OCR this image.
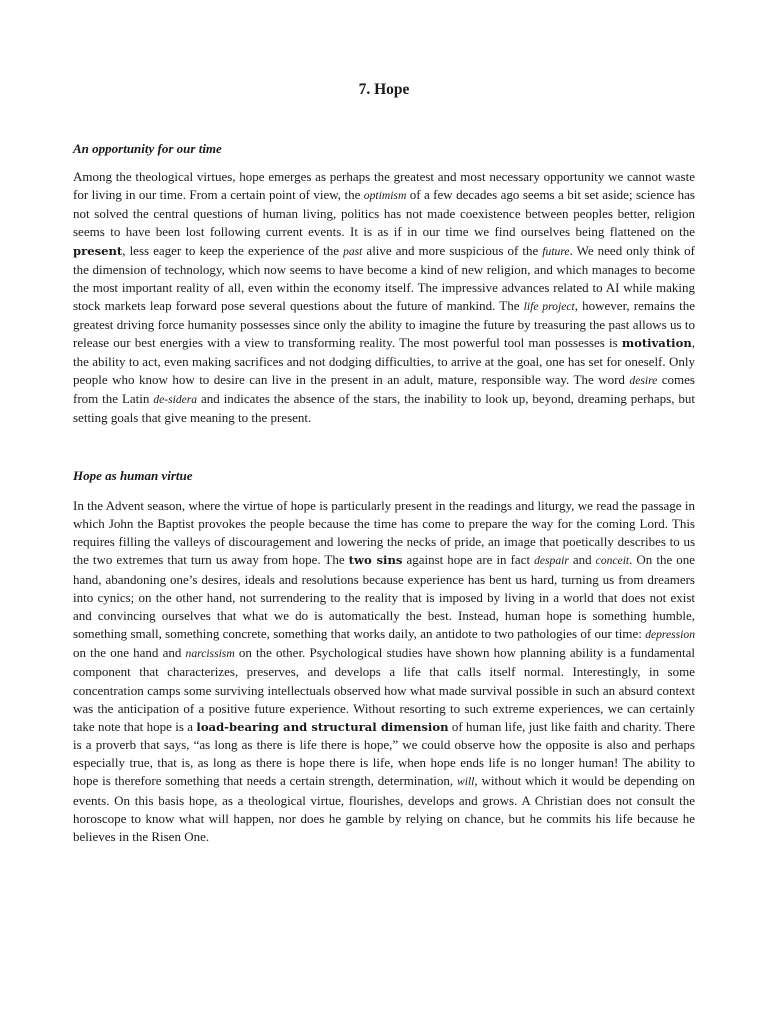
7. Hope
An opportunity for our time

Among the theological virtues, hope emerges as perhaps the greatest and most necessary opportunity we cannot waste for living in our time. From a certain point of view, the optimism of a few decades ago seems a bit set aside; science has not solved the central questions of human living, politics has not made coexistence between peoples better, religion seems to have been lost following current events. It is as if in our time we find ourselves being flattened on the present, less eager to keep the experience of the past alive and more suspicious of the future. We need only think of the dimension of technology, which now seems to have become a kind of new religion, and which manages to become the most important reality of all, even within the economy itself. The impressive advances related to AI while making stock markets leap forward pose several questions about the future of mankind. The life project, however, remains the greatest driving force humanity possesses since only the ability to imagine the future by treasuring the past allows us to release our best energies with a view to transforming reality. The most powerful tool man possesses is motivation, the ability to act, even making sacrifices and not dodging difficulties, to arrive at the goal, one has set for oneself. Only people who know how to desire can live in the present in an adult, mature, responsible way. The word desire comes from the Latin de-sidera and indicates the absence of the stars, the inability to look up, beyond, dreaming perhaps, but setting goals that give meaning to the present.

Hope as human virtue

In the Advent season, where the virtue of hope is particularly present in the readings and liturgy, we read the passage in which John the Baptist provokes the people because the time has come to prepare the way for the coming Lord. This requires filling the valleys of discouragement and lowering the necks of pride, an image that poetically describes to us the two extremes that turn us away from hope. The two sins against hope are in fact despair and conceit. On the one hand, abandoning one’s desires, ideals and resolutions because experience has bent us hard, turning us from dreamers into cynics; on the other hand, not surrendering to the reality that is imposed by living in a world that does not exist and convincing ourselves that what we do is automatically the best. Instead, human hope is something humble, something small, something concrete, something that works daily, an antidote to two pathologies of our time: depression on the one hand and narcissism on the other. Psychological studies have shown how planning ability is a fundamental component that characterizes, preserves, and develops a life that calls itself normal. Interestingly, in some concentration camps some surviving intellectuals observed how what made survival possible in such an absurd context was the anticipation of a positive future experience. Without resorting to such extreme experiences, we can certainly take note that hope is a load-bearing and structural dimension of human life, just like faith and charity. There is a proverb that says, “as long as there is life there is hope,” we could observe how the opposite is also and perhaps especially true, that is, as long as there is hope there is life, when hope ends life is no longer human! The ability to hope is therefore something that needs a certain strength, determination, will, without which it would be depending on events. On this basis hope, as a theological virtue, flourishes, develops and grows. A Christian does not consult the horoscope to know what will happen, nor does he gamble by relying on chance, but he commits his life because he believes in the Risen One.
